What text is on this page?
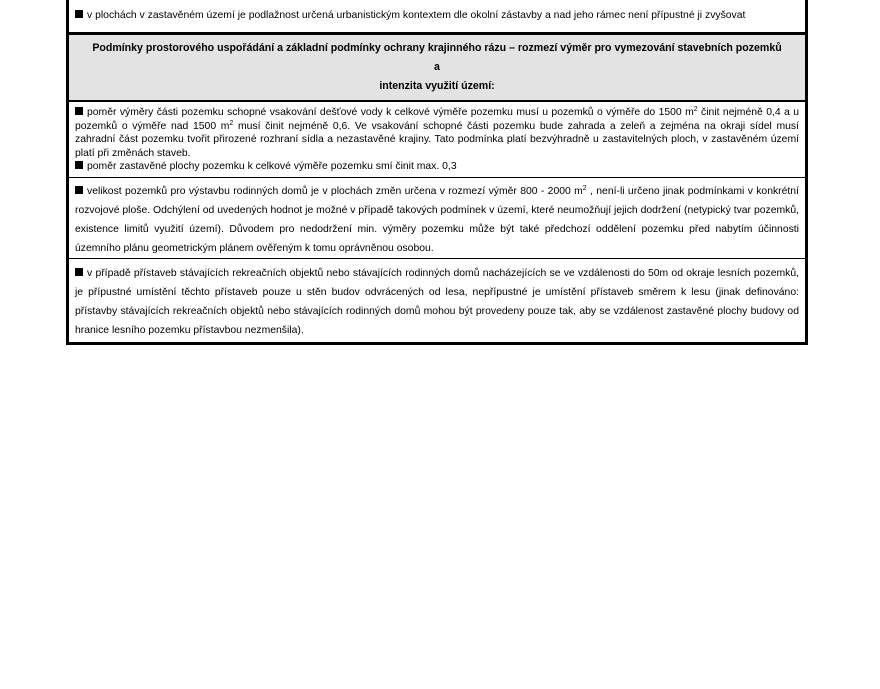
v plochách v zastavěném území je podlažnost určená urbanistickým kontextem dle okolní zástavby a nad jeho rámec není přípustné ji zvyšovat
Podmínky prostorového uspořádání a základní podmínky ochrany krajinného rázu – rozmezí výměr pro vymezování stavebních pozemků a
intenzita využití území:
poměr výměry části pozemku schopné vsakování dešťové vody k celkové výměře pozemku musí u pozemků o výměře do 1500 $m^2$ činit nejméně 0,4 a u pozemků o výměře nad 1500 $m^2$ musí činit nejméně 0,6. Ve vsakování schopné části pozemku bude zahrada a zeleň a zejména na okraji sídel musí zahradní část pozemku tvořit přirozené rozhraní sídla a nezastavěné krajiny. Tato podmínka platí bezvýhradně u zastavitelných ploch, v zastavěném území platí při změnách staveb.
poměr zastavěné plochy pozemku k celkové výměře pozemku smí činit max. 0,3
velikost pozemků pro výstavbu rodinných domů je v plochách změn určena v rozmezí výměr 800 - 2000 $m^2$ , není-li určeno jinak podmínkami v konkrétní rozvojové ploše. Odchýlení od uvedených hodnot je možné v případě takových podmínek v území, které neumožňují jejich dodržení (netypický tvar pozemků, existence limitů využití území). Důvodem pro nedodržení min. výměry pozemku může být také předchozí oddělení pozemku před nabytím účinnosti územního plánu geometrickým plánem ověřeným k tomu oprávněnou osobou.
v případě přístaveb stávajících rekreačních objektů nebo stávajících rodinných domů nacházejících se ve vzdálenosti do 50m od okraje lesních pozemků, je přípustné umístění těchto přístaveb pouze u stěn budov odvrácených od lesa, nepřípustné je umístění přístaveb směrem k lesu (jinak definováno: přístavby stávajících rekreačních objektů nebo stávajících rodinných domů mohou být provedeny pouze tak, aby se vzdálenost zastavěné plochy budovy od hranice lesního pozemku přístavbou nezmenšila).
